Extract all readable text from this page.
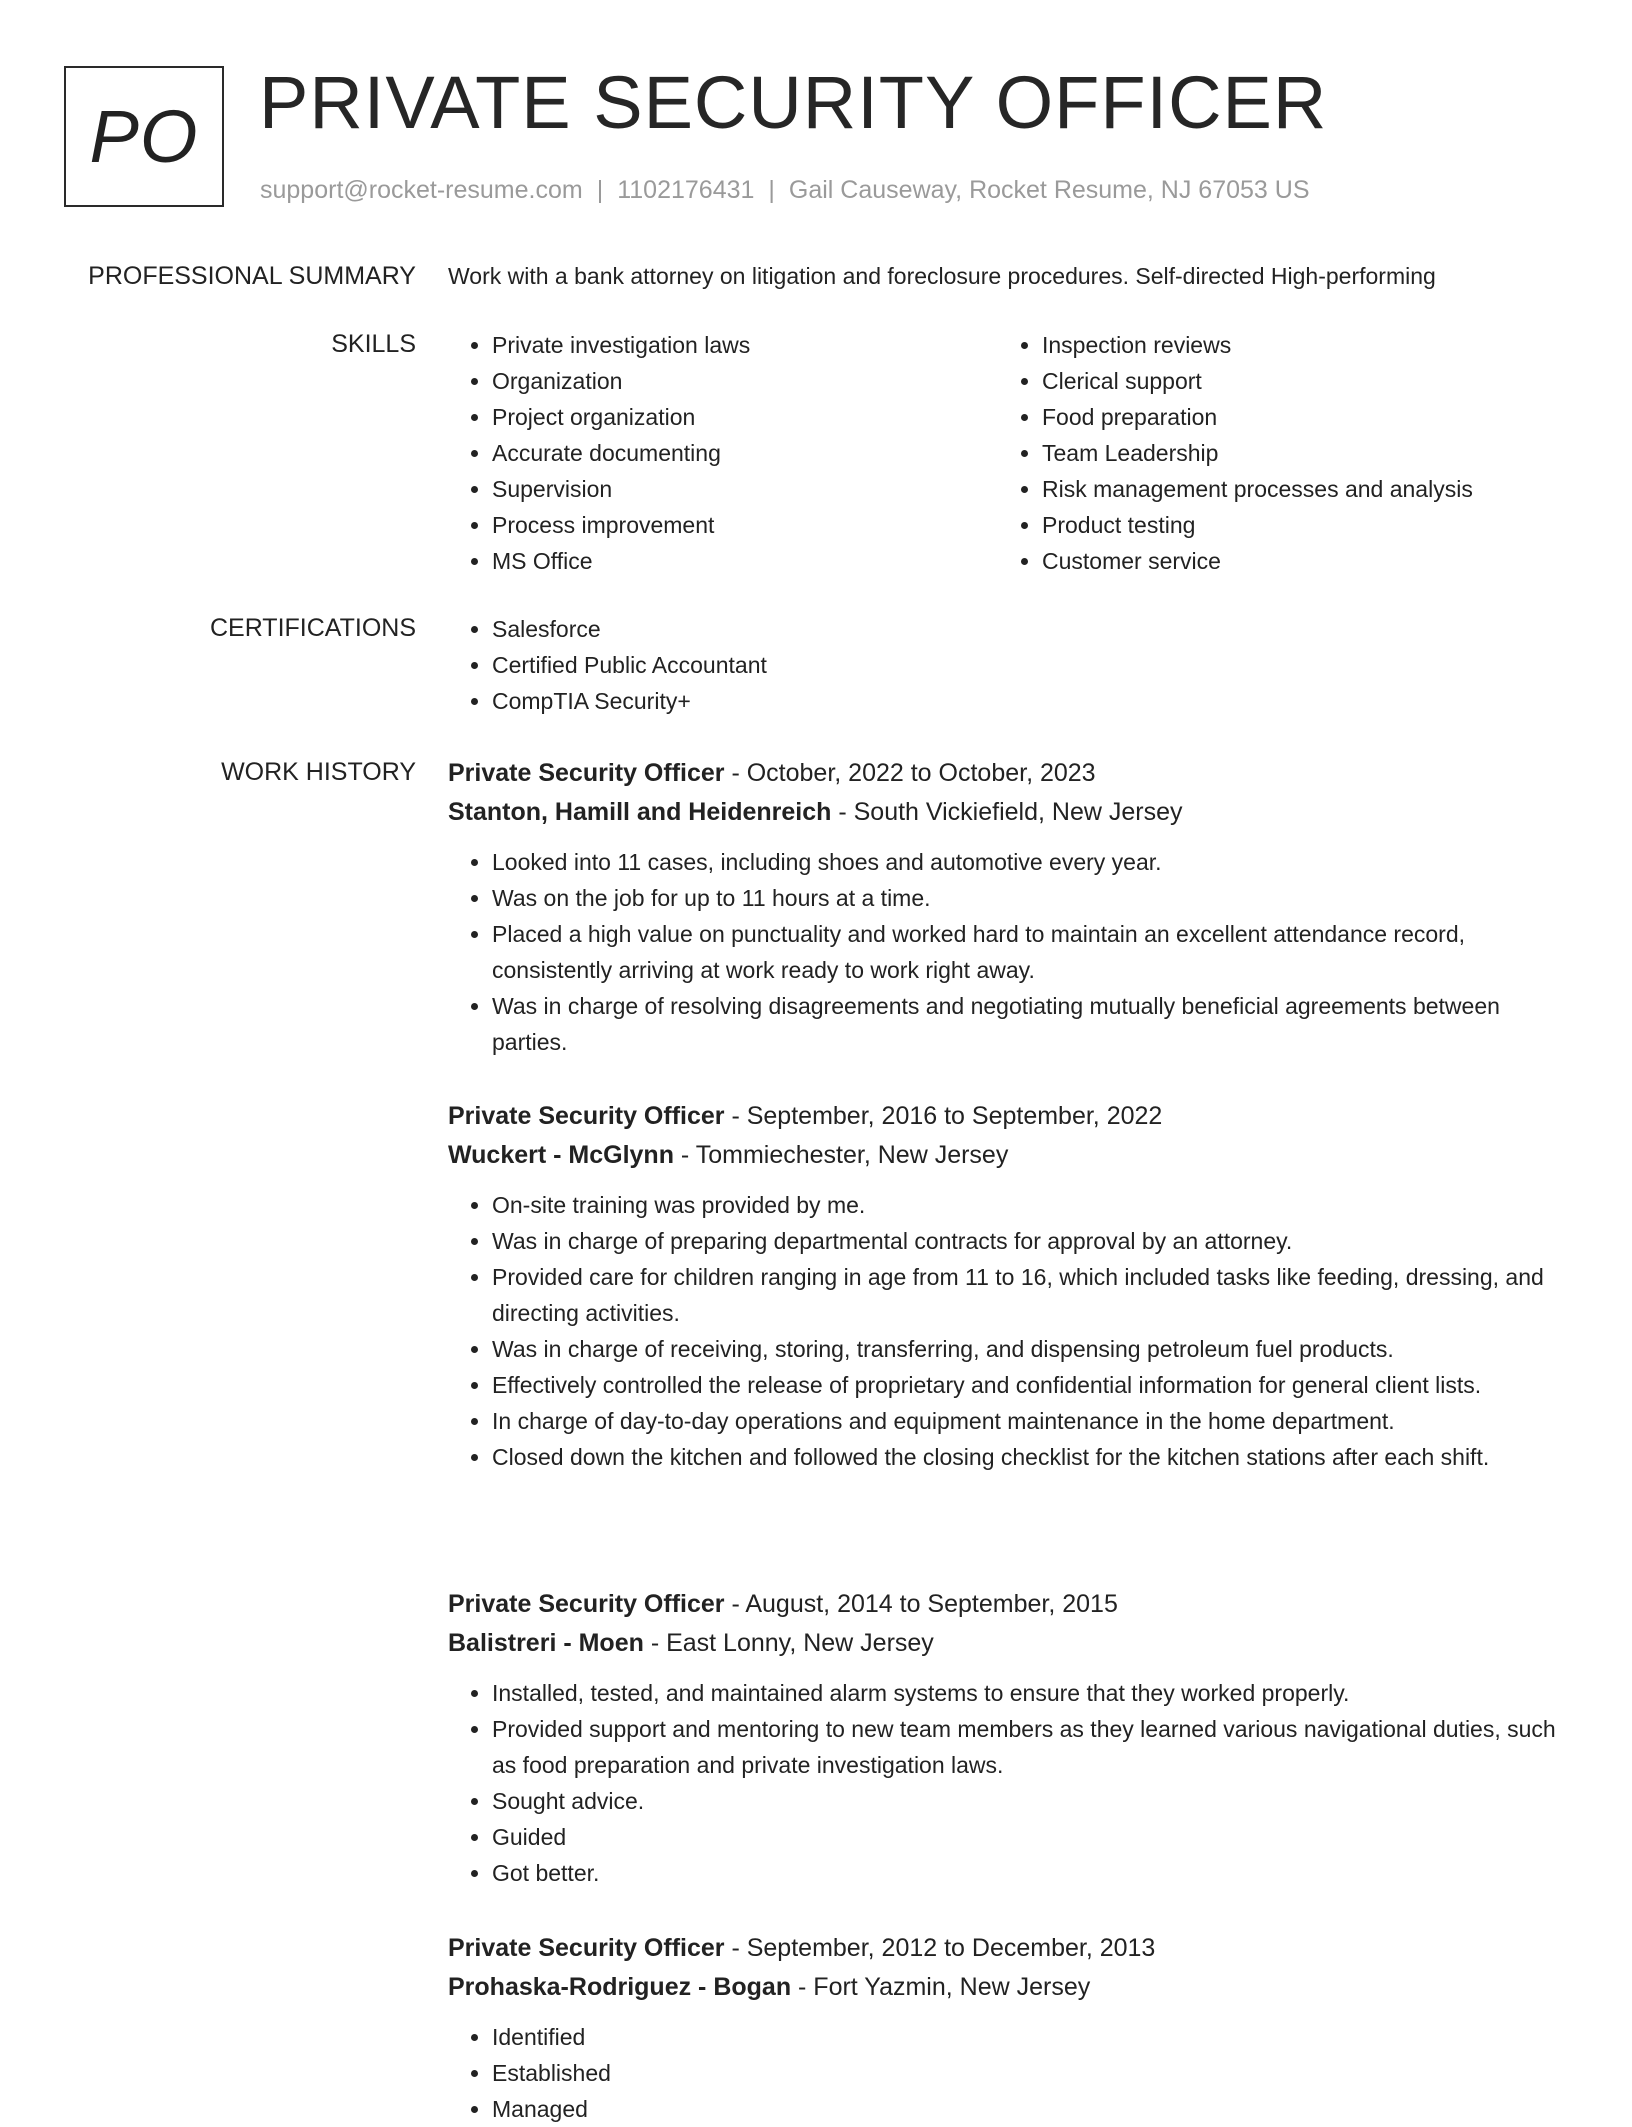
PO PRIVATE SECURITY OFFICER
support@rocket-resume.com | 1102176431 | Gail Causeway, Rocket Resume, NJ 67053 US
PROFESSIONAL SUMMARY Work with a bank attorney on litigation and foreclosure procedures. Self-directed High-performing
SKILLS	• Private investigation laws
• Organization
• Project organization
• Accurate documenting
• Supervision
• Process improvement
• MS Office
• Inspection reviews
• Clerical support
• Food preparation
• Team Leadership
• Risk management processes and analysis
• Product testing
• Customer service
CERTIFICATIONS	• Salesforce
• Certified Public Accountant
• CompTIA Security+
WORK HISTORY Private Security Officer - October, 2022 to October, 2023
Stanton, Hamill and Heidenreich - South Vickiefield, New Jersey
• Looked into 11 cases, including shoes and automotive every year.
• Was on the job for up to 11 hours at a time.
• Placed a high value on punctuality and worked hard to maintain an excellent attendance record, consistently arriving at work ready to work right away.
• Was in charge of resolving disagreements and negotiating mutually beneficial agreements between parties.
Private Security Officer - September, 2016 to September, 2022
Wuckert - McGlynn - Tommiechester, New Jersey
• On-site training was provided by me.
• Was in charge of preparing departmental contracts for approval by an attorney.
• Provided care for children ranging in age from 11 to 16, which included tasks like feeding, dressing, and directing activities.
• Was in charge of receiving, storing, transferring, and dispensing petroleum fuel products.
• Effectively controlled the release of proprietary and confidential information for general client lists.
• In charge of day-to-day operations and equipment maintenance in the home department.
• Closed down the kitchen and followed the closing checklist for the kitchen stations after each shift.
Private Security Officer - August, 2014 to September, 2015
Balistreri - Moen - East Lonny, New Jersey
• Installed, tested, and maintained alarm systems to ensure that they worked properly.
• Provided support and mentoring to new team members as they learned various navigational duties, such as food preparation and private investigation laws.
• Sought advice.
• Guided
• Got better.
Private Security Officer - September, 2012 to December, 2013
Prohaska-Rodriguez - Bogan - Fort Yazmin, New Jersey
• Identified
• Established
• Managed
